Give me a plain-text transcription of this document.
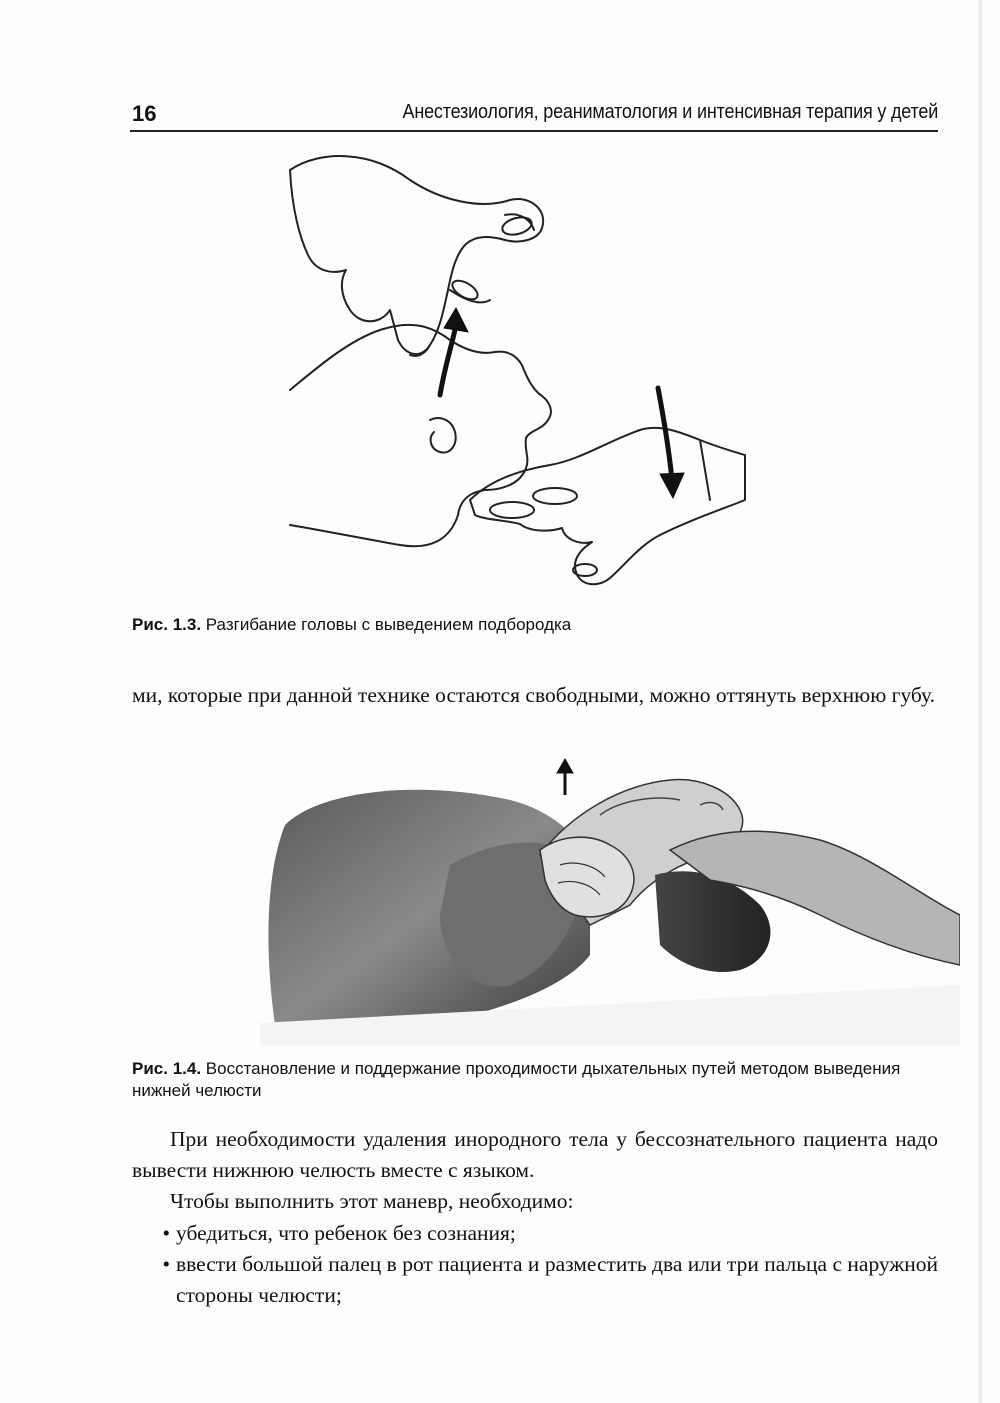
16	Анестезиология, реаниматология и интенсивная терапия у детей
Рис. 1.3. Разгибание головы с выведением подбородка

ми, которые при данной технике остаются свободными, можно оттянуть верхнюю губу.

Рис. 1.4. Восстановление и поддержание проходимости дыхательных путей методом выведения нижней челюсти

При необходимости удаления инородного тела у бессознательного пациента надо вывести нижнюю челюсть вместе с языком.

Чтобы выполнить этот маневр, необходимо:

• убедиться, что ребенок без сознания;
• ввести большой палец в рот пациента и разместить два или три пальца с наружной стороны челюсти;
